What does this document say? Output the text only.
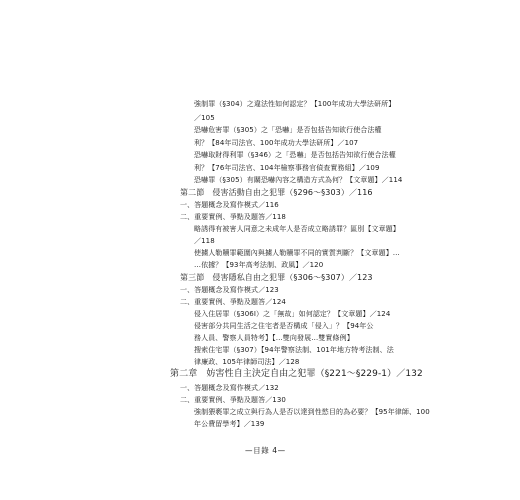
強制罪（§304）之違法性如何認定？【100年成功大學法研所】
／105
恐嚇危害罪（§305）之「恐嚇」是否包括告知欲行使合法權
利？【84年司法官、100年成功大學法研所】／107
恐嚇取財得利罪（§346）之「恐嚇」是否包括告知欲行使合法權
利？【76年司法官、104年檢察事務官偵查實務組】／109
恐嚇罪（§305）有關恐嚇內容之構造方式為何？【文章題】／114
第二節　侵害活動自由之犯罪（§296～§303）／116
一、答題概念及寫作模式／116
二、重要實例、爭點及題答／118
略誘得有被害人同意之未成年人是否成立略誘罪？區別【文章題】
／118
使擄人勒贖罪範圍內與擄人勒贖罪不同的實質判斷？【文章題】…
…依據？【93年高考法制、政風】／120
第三節　侵害隱私自由之犯罪（§306～§307）／123
一、答題概念及寫作模式／123
二、重要實例、爭點及題答／124
侵入住居罪（§306Ⅰ）之「無故」如何認定？【文章題】／124
侵害部分共同生活之住宅者是否構成「侵入」？【94年公
務人員、警察人員特考】【…雙向發展…雙實條例】
搜索住宅罪（§307）【94年警察法制、101年地方特考法制、法
律廉政、105年律師司法】／128
第二章　妨害性自主決定自由之犯罪（§221～§229-1）／132
一、答題概念及寫作模式／132
二、重要實例、爭點及題答／130
強制猥褻罪之成立與行為人是否以達到性慾目的為必要？【95年律師、100
年公費留學考】／139
—目錄 4—
